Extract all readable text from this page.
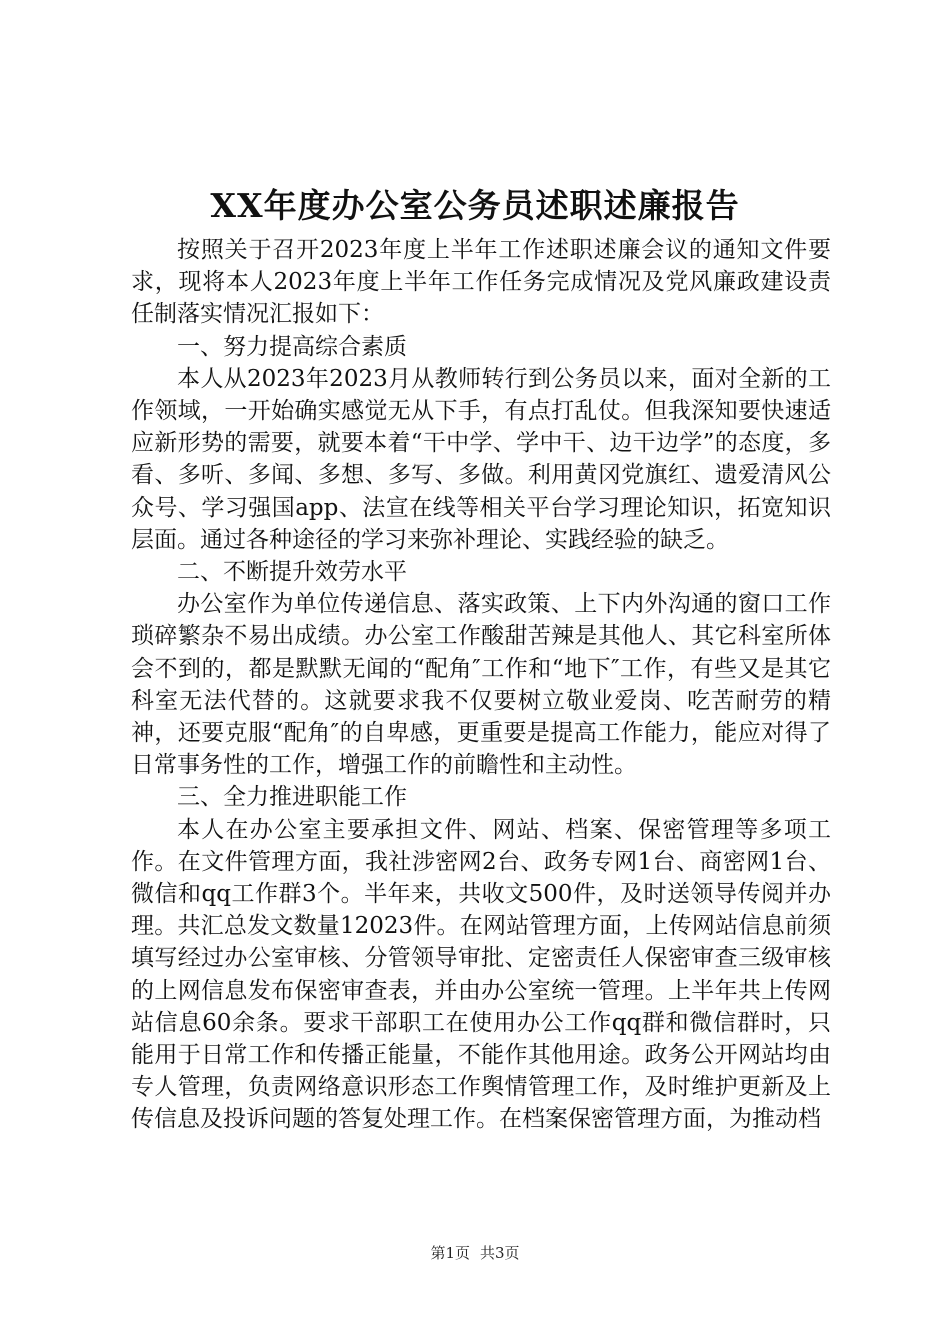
XX年度办公室公务员述职述廉报告

按照关于召开2023年度上半年工作述职述廉会议的通知文件要求，现将本人2023年度上半年工作任务完成情况及党风廉政建设责任制落实情况汇报如下：

一、努力提高综合素质

本人从2023年2023月从教师转行到公务员以来，面对全新的工作领域，一开始确实感觉无从下手，有点打乱仗。但我深知要快速适应新形势的需要，就要本着“干中学、学中干、边干边学”的态度，多看、多听、多闻、多想、多写、多做。利用黄冈党旗红、遗爱清风公众号、学习强国app、法宣在线等相关平台学习理论知识，拓宽知识层面。通过各种途径的学习来弥补理论、实践经验的缺乏。

二、不断提升效劳水平

办公室作为单位传递信息、落实政策、上下内外沟通的窗口工作琐碎繁杂不易出成绩。办公室工作酸甜苦辣是其他人、其它科室所体会不到的，都是默默无闻的“配角″工作和“地下″工作，有些又是其它科室无法代替的。这就要求我不仅要树立敬业爱岗、吃苦耐劳的精神，还要克服“配角″的自卑感，更重要是提高工作能力，能应对得了日常事务性的工作，增强工作的前瞻性和主动性。

三、全力推进职能工作

本人在办公室主要承担文件、网站、档案、保密管理等多项工作。在文件管理方面，我社涉密网2台、政务专网1台、商密网1台、微信和qq工作群3个。半年来，共收文500件，及时送领导传阅并办理。共汇总发文数量12023件。在网站管理方面，上传网站信息前须填写经过办公室审核、分管领导审批、定密责任人保密审查三级审核的上网信息发布保密审查表，并由办公室统一管理。上半年共上传网站信息60余条。要求干部职工在使用办公工作qq群和微信群时，只能用于日常工作和传播正能量，不能作其他用途。政务公开网站均由专人管理，负责网络意识形态工作舆情管理工作，及时维护更新及上传信息及投诉问题的答复处理工作。在档案保密管理方面，为推动档

第1页 共3页
